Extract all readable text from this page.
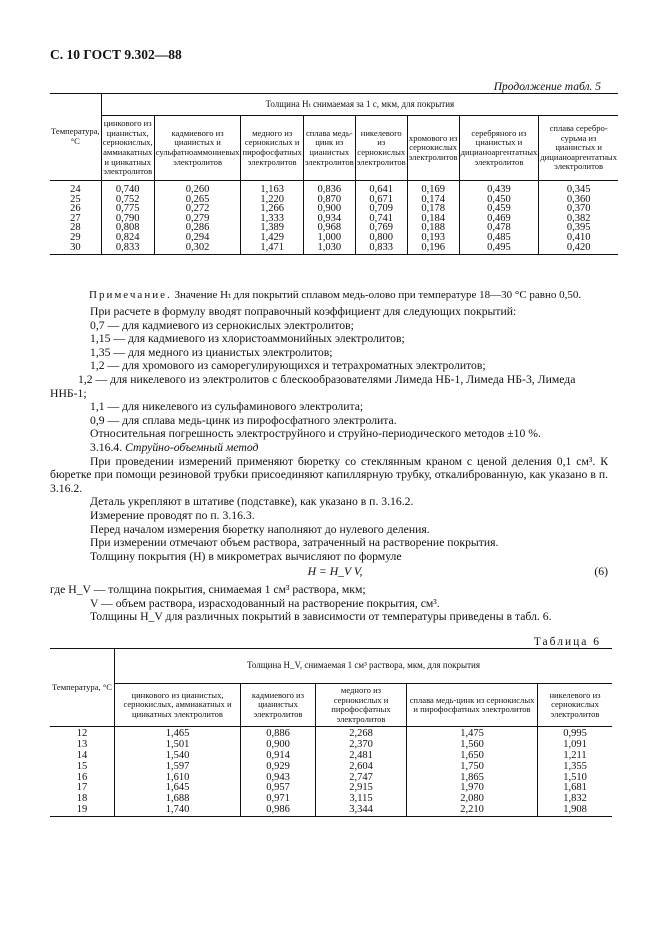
С. 10 ГОСТ 9.302—88
Продолжение табл. 5
Температура, °С	Толщина Hₜ снимаемая за 1 с, мкм, для покрытия							
	цинкового из цианистых, сернокислых, аммиакатных и цинкатных электролитов	кадмиевого из цианистых и сульфатноаммониевых электролитов	медного из сернокислых и пирофосфатных электролитов	сплава медь-цинк из цианистых электролитов	никелевого из сернокислых электролитов	хромового из сернокислых электролитов	серебряного из цианистых и дицианоаргентатных электролитов	сплава серебро-сурьма из цианистых и дицианоаргентатных электролитов
24	0,740	0,260	1,163	0,836	0,641	0,169	0,439	0,345
25	0,752	0,265	1,220	0,870	0,671	0,174	0,450	0,360
26	0,775	0,272	1,266	0,900	0,709	0,178	0,459	0,370
27	0,790	0,279	1,333	0,934	0,741	0,184	0,469	0,382
28	0,808	0,286	1,389	0,968	0,769	0,188	0,478	0,395
29	0,824	0,294	1,429	1,000	0,800	0,193	0,485	0,410
30	0,833	0,302	1,471	1,030	0,833	0,196	0,495	0,420
Примечание. Значение Hₜ для покрытий сплавом медь-олово при температуре 18—30 °С равно 0,50.

При расчете в формулу вводят поправочный коэффициент для следующих покрытий:

0,7 — для кадмиевого из сернокислых электролитов;

1,15 — для кадмиевого из хлористоаммонийных электролитов;

1,35 — для медного из цианистых электролитов;

1,2 — для хромового из саморегулирующихся и тетрахроматных электролитов;

1,2 — для никелевого из электролитов с блескообразователями Лимеда НБ-1, Лимеда НБ-3, Лимеда ННБ-1;

1,1 — для никелевого из сульфаминового электролита;

0,9 — для сплава медь-цинк из пирофосфатного электролита.

Относительная погрешность электроструйного и струйно-периодического методов ±10 %.

3.16.4. Струйно-объемный метод

При проведении измерений применяют бюретку со стеклянным краном с ценой деления 0,1 см³. К бюретке при помощи резиновой трубки присоединяют капиллярную трубку, откалиброванную, как указано в п. 3.16.2.

Деталь укрепляют в штативе (подставке), как указано в п. 3.16.2.

Измерение проводят по п. 3.16.3.

Перед началом измерения бюретку наполняют до нулевого деления.

При измерении отмечают объем раствора, затраченный на растворение покрытия.

Толщину покрытия (H) в микрометрах вычисляют по формуле

H = H_V V,	(6)

где H_V — толщина покрытия, снимаемая 1 см³ раствора, мкм;

V — объем раствора, израсходованный на растворение покрытия, см³.

Толщины H_V для различных покрытий в зависимости от температуры приведены в табл. 6.

Таблица 6
Температура, °С	Толщина H_V, снимаемая 1 см³ раствора, мкм, для покрытия				
	цинкового из цианистых, сернокислых, аммиакатных и цинкатных электролитов	кадмиевого из цианистых электролитов	медного из сернокислых и пирофосфатных электролитов	сплава медь-цинк из сернокислых и пирофосфатных электролитов	никелевого из сернокислых электролитов
12	1,465	0,886	2,268	1,475	0,995
13	1,501	0,900	2,370	1,560	1,091
14	1,540	0,914	2,481	1,650	1,211
15	1,597	0,929	2,604	1,750	1,355
16	1,610	0,943	2,747	1,865	1,510
17	1,645	0,957	2,915	1,970	1,681
18	1,688	0,971	3,115	2,080	1,832
19	1,740	0,986	3,344	2,210	1,908
